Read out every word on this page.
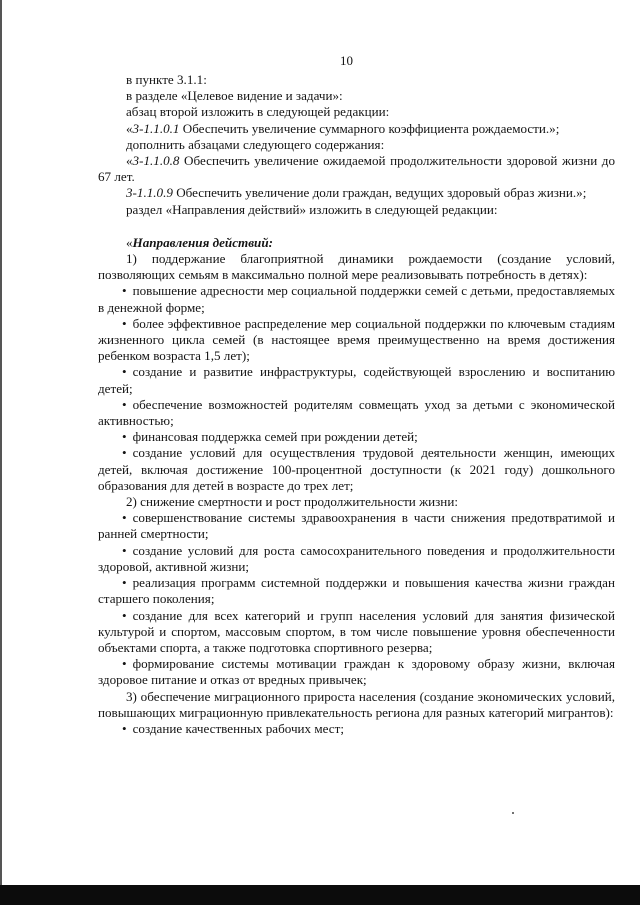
10

в пункте 3.1.1:

в разделе «Целевое видение и задачи»:

абзац второй изложить в следующей редакции:

«3-1.1.0.1 Обеспечить увеличение суммарного коэффициента рождаемости.»;

дополнить абзацами следующего содержания:

«3-1.1.0.8 Обеспечить увеличение ожидаемой продолжительности здоровой жизни до 67 лет.

3-1.1.0.9 Обеспечить увеличение доли граждан, ведущих здоровый образ жизни.»;

раздел «Направления действий» изложить в следующей редакции:

«Направления действий:

1) поддержание благоприятной динамики рождаемости (создание условий, позволяющих семьям в максимально полной мере реализовывать потребность в детях):

• повышение адресности мер социальной поддержки семей с детьми, предоставляемых в денежной форме;

• более эффективное распределение мер социальной поддержки по ключевым стадиям жизненного цикла семей (в настоящее время преимущественно на время достижения ребенком возраста 1,5 лет);

• создание и развитие инфраструктуры, содействующей взрослению и воспитанию детей;

• обеспечение возможностей родителям совмещать уход за детьми с экономической активностью;

• финансовая поддержка семей при рождении детей;

• создание условий для осуществления трудовой деятельности женщин, имеющих детей, включая достижение 100-процентной доступности (к 2021 году) дошкольного образования для детей в возрасте до трех лет;

2) снижение смертности и рост продолжительности жизни:

• совершенствование системы здравоохранения в части снижения предотвратимой и ранней смертности;

• создание условий для роста самосохранительного поведения и продолжительности здоровой, активной жизни;

• реализация программ системной поддержки и повышения качества жизни граждан старшего поколения;

• создание для всех категорий и групп населения условий для занятия физической культурой и спортом, массовым спортом, в том числе повышение уровня обеспеченности объектами спорта, а также подготовка спортивного резерва;

• формирование системы мотивации граждан к здоровому образу жизни, включая здоровое питание и отказ от вредных привычек;

3) обеспечение миграционного прироста населения (создание экономических условий, повышающих миграционную привлекательность региона для разных категорий мигрантов):

• создание качественных рабочих мест;
